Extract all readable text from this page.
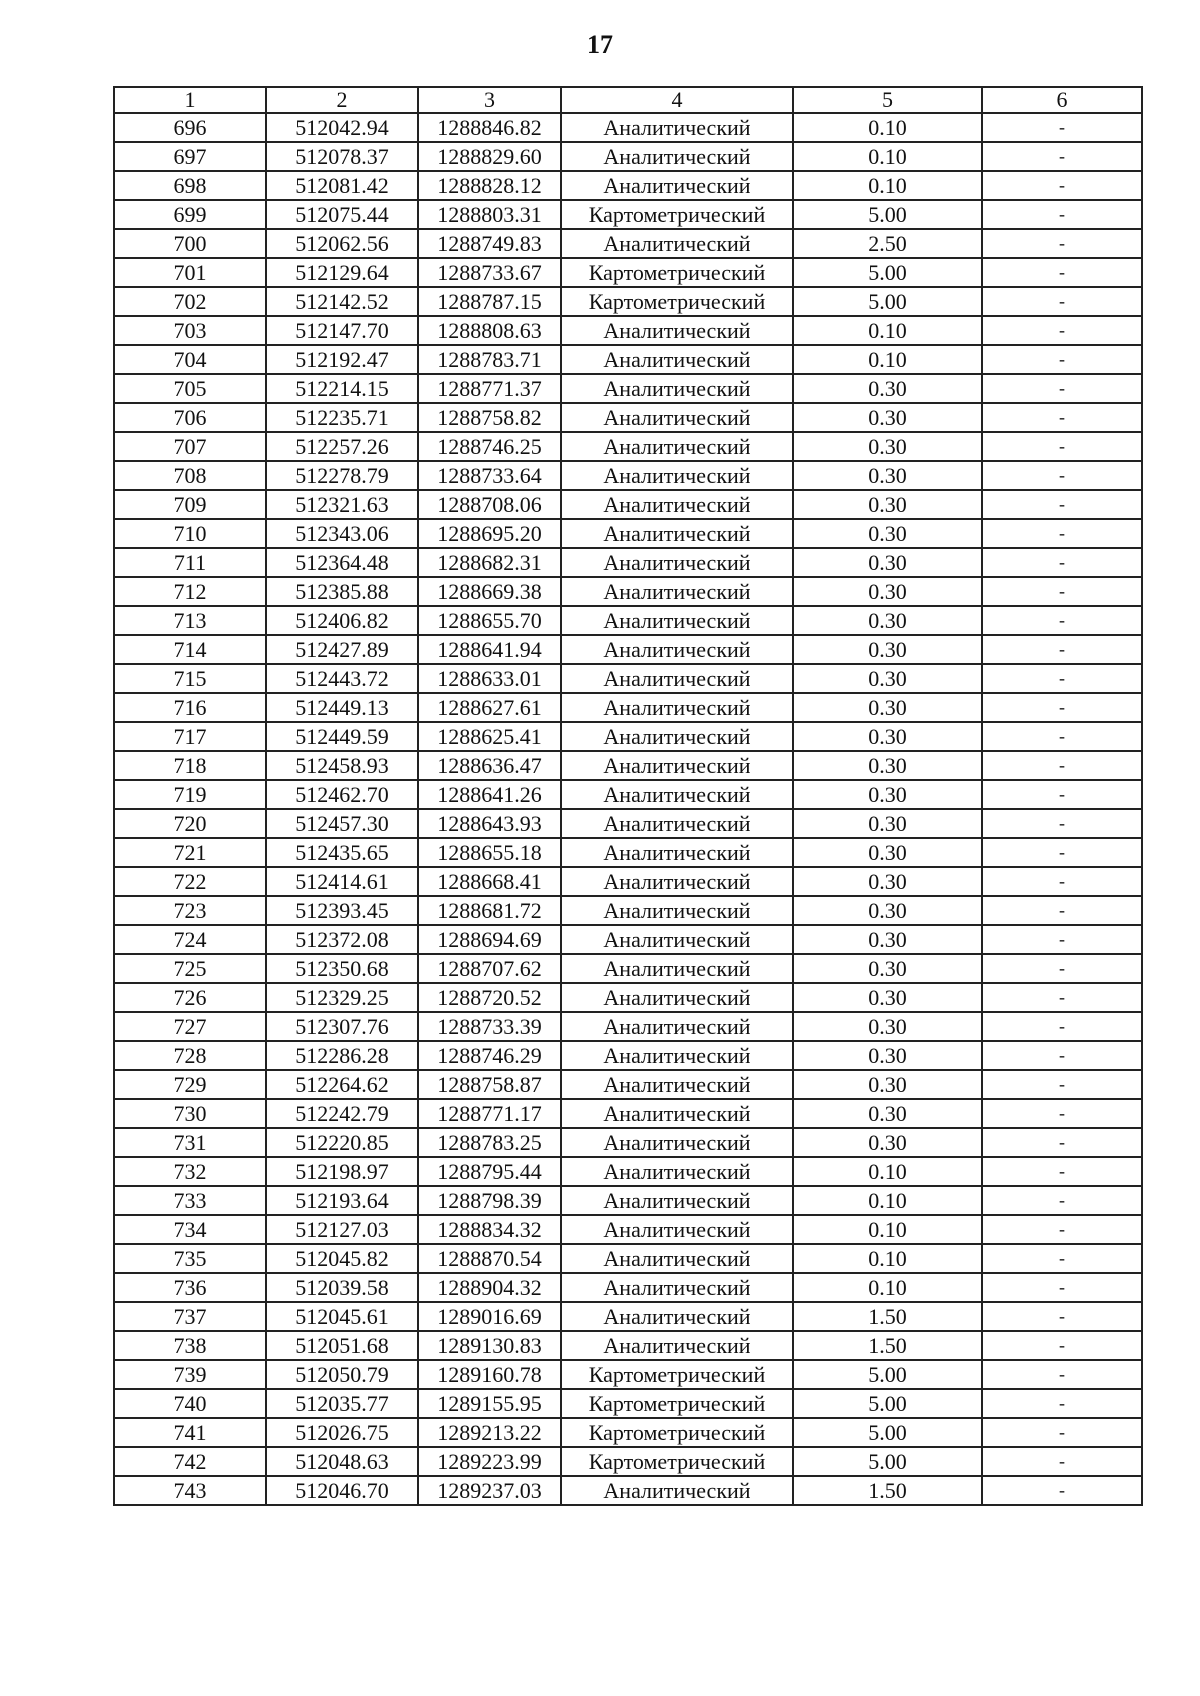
17
1	2	3	4	5	6
696	512042.94	1288846.82	Аналитический	0.10	-
697	512078.37	1288829.60	Аналитический	0.10	-
698	512081.42	1288828.12	Аналитический	0.10	-
699	512075.44	1288803.31	Картометрический	5.00	-
700	512062.56	1288749.83	Аналитический	2.50	-
701	512129.64	1288733.67	Картометрический	5.00	-
702	512142.52	1288787.15	Картометрический	5.00	-
703	512147.70	1288808.63	Аналитический	0.10	-
704	512192.47	1288783.71	Аналитический	0.10	-
705	512214.15	1288771.37	Аналитический	0.30	-
706	512235.71	1288758.82	Аналитический	0.30	-
707	512257.26	1288746.25	Аналитический	0.30	-
708	512278.79	1288733.64	Аналитический	0.30	-
709	512321.63	1288708.06	Аналитический	0.30	-
710	512343.06	1288695.20	Аналитический	0.30	-
711	512364.48	1288682.31	Аналитический	0.30	-
712	512385.88	1288669.38	Аналитический	0.30	-
713	512406.82	1288655.70	Аналитический	0.30	-
714	512427.89	1288641.94	Аналитический	0.30	-
715	512443.72	1288633.01	Аналитический	0.30	-
716	512449.13	1288627.61	Аналитический	0.30	-
717	512449.59	1288625.41	Аналитический	0.30	-
718	512458.93	1288636.47	Аналитический	0.30	-
719	512462.70	1288641.26	Аналитический	0.30	-
720	512457.30	1288643.93	Аналитический	0.30	-
721	512435.65	1288655.18	Аналитический	0.30	-
722	512414.61	1288668.41	Аналитический	0.30	-
723	512393.45	1288681.72	Аналитический	0.30	-
724	512372.08	1288694.69	Аналитический	0.30	-
725	512350.68	1288707.62	Аналитический	0.30	-
726	512329.25	1288720.52	Аналитический	0.30	-
727	512307.76	1288733.39	Аналитический	0.30	-
728	512286.28	1288746.29	Аналитический	0.30	-
729	512264.62	1288758.87	Аналитический	0.30	-
730	512242.79	1288771.17	Аналитический	0.30	-
731	512220.85	1288783.25	Аналитический	0.30	-
732	512198.97	1288795.44	Аналитический	0.10	-
733	512193.64	1288798.39	Аналитический	0.10	-
734	512127.03	1288834.32	Аналитический	0.10	-
735	512045.82	1288870.54	Аналитический	0.10	-
736	512039.58	1288904.32	Аналитический	0.10	-
737	512045.61	1289016.69	Аналитический	1.50	-
738	512051.68	1289130.83	Аналитический	1.50	-
739	512050.79	1289160.78	Картометрический	5.00	-
740	512035.77	1289155.95	Картометрический	5.00	-
741	512026.75	1289213.22	Картометрический	5.00	-
742	512048.63	1289223.99	Картометрический	5.00	-
743	512046.70	1289237.03	Аналитический	1.50	-
